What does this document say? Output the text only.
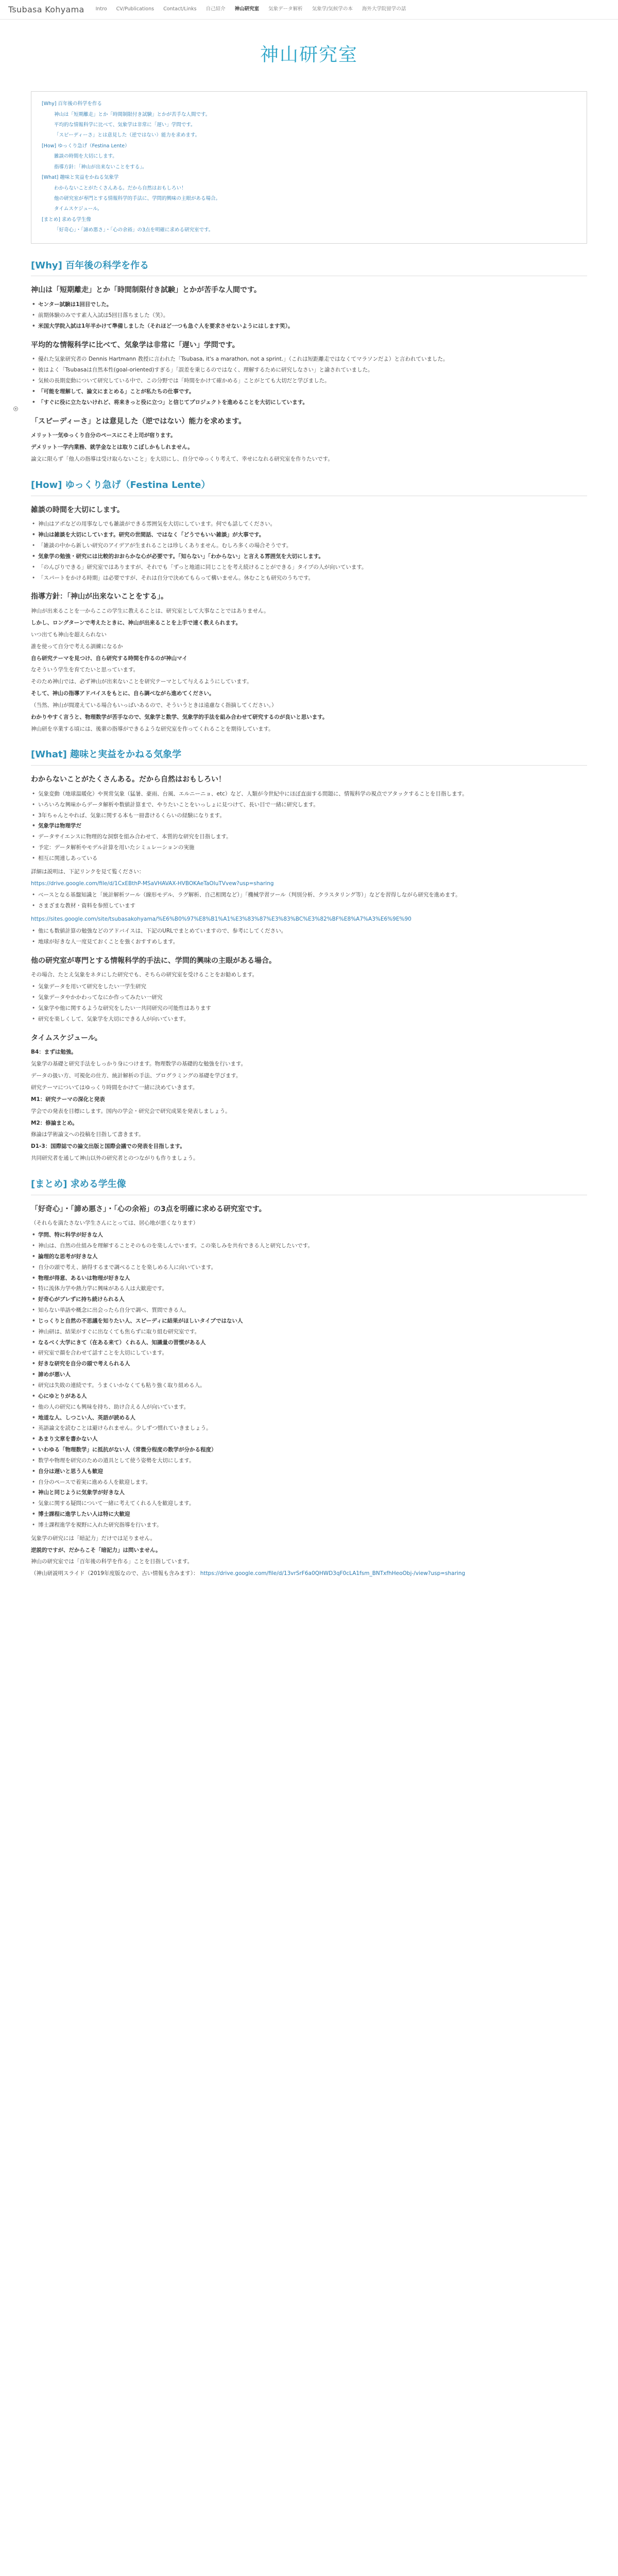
Tsubasa Kohyama Intro CV/Publications Contact/Links 自己紹介 神山研究室 気象データ解析 気象学/気候学の本 海外大学院留学の話
神山研究室
[Why] 百年後の科学を作る
神山は「短期離走」とか「時間制限付き試験」とかが苦手な人間です。
平均的な情報科学に比べて、気象学は非常に「遅い」学問です。
「スピーディーさ」とは意見した（逆ではない）能力を求めます。
[How] ゆっくり急げ（Festina Lente）
雑談の時間を大切にします。
指導方針：「神山が出来ないことをする」。
[What] 趣味と実益をかねる気象学
わからないことがたくさんある。だから自然はおもしろい！
他の研究室が専門とする情報科学的手法に、学問的興味の主眼がある場合。
タイムスケジュール。
[まとめ] 求める学生像
「好奇心」・「諦め悪さ」・「心の余裕」の3点を明確に求める研究室です。
[Why] 百年後の科学を作る
神山は「短期離走」とか「時間制限付き試験」とかが苦手な人間です。
• センター試験は1回目でした。
• 前期体験のみです素人入試は5回目落ちました（笑）。
• 米国大学院入試は1年半かけて準備しました（それほど一つも急ぐ人を要求させないようにはします笑）。
平均的な情報科学に比べて、気象学は非常に「遅い」学問です。
• 優れた気象研究者の Dennis Hartmann 教授に言われた「Tsubasa, it's a marathon, not a sprint.」（これは短距離走ではなくてマラソンだよ）と言われていました。
• 彼はよく「Tsubasaは自然本性(goal-oriented)すぎる」「誤差を乗じるのではなく、理解するために研究しなさい」と諭されていました。
• 気候の長期変動について研究している中で、この分野では「時間をかけて確かめる」ことがとても大切だと学びました。
• 「可能を理解して、論文にまとめる」ことが私たちの仕事です。
• 「すぐに役に立たないけれど、将来きっと役に立つ」と信じてプロジェクトを進めることを大切にしています。
「スピーディーさ」とは意見した（逆ではない）能力を求めます。

メリット一気ゆっくり自分のペースにこそ上司が宿ります。

デメリット一学内業務、就学金なとは取りこぼしかもしれません。

論文に限らず「他人の指導は受け取らないこと」を大切にし、自分でゆっくり考えて、幸せになれる研究室を作りたいです。

[How] ゆっくり急げ（Festina Lente）
雑談の時間を大切にします。
• 神山はアポなどの用事なしでも雑談ができる雰囲気を大切にしています。何でも話してください。
• 神山は雑談を大切にしています。研究の世間話、ではなく「どうでもいい雑談」が大事です。
• 「雑談の中から新しい研究のアイデアが生まれることは珍しくありません。むしろ多くの場合そうです。
• 気象学の勉強・研究には比較的おおらかな心が必要です。「知らない」「わからない」と言える雰囲気を大切にします。
• 「のんびりできる」研究室ではありますが、それでも「ずっと地道に同じことを考え続けることができる」タイプの人が向いています。
• 「スパートをかける時期」は必要ですが、それは自分で決めてもらって構いません。休むことも研究のうちです。
指導方針：「神山が出来ないことをする」。

神山が出来ることを一からここの学生に教えることは、研究室として大事なことではありません。

しかし、ロングターンで考えたときに、神山が出来ることを上手で速く教えられます。

いつ出ても神山を超えられない

誰を使って自分で考える訓練になるか

自ら研究テーマを見つけ、自ら研究する時間を作るのが神山マイ

なそういう学生を育てたいと思っています。

そのため神山では、必ず神山が出来ないことを研究テーマとして与えるようにしています。

そして、神山の指導アドバイスをもとに、自ら調べながら進めてください。

（当然、神山が間違えている場合もいっぱいあるので、そういうときは遠慮なく指摘してください。）

わかりやすく言うと、物理数学が苦手なので、気象学と数学、気象学的手法を組み合わせて研究するのが良いと思います。

神山研を卒業する頃には、後輩の指導ができるような研究室を作ってくれることを期待しています。

[What] 趣味と実益をかねる気象学
わからないことがたくさんある。だから自然はおもしろい！
• 気象変動（地球温暖化）や異常気象（猛暑、豪雨、台風、エルニーニョ、etc）など、人類が今世紀中にほぼ直面する問題に、情報科学の視点でアタックすることを目指します。
• いろいろな興味からデータ解析や数値計算まで、やりたいことをいっしょに見つけて、長い目で一緒に研究します。
• 3年ちゃんとやれば、気象に関する本も一冊書けるくらいの経験になります。
• 気象学は物理学だ
• データサイエンスに物理的な洞察を組み合わせて、本質的な研究を目指します。
• 予定：データ解析やモデル計算を用いたシミュレーションの実施
• 相互に関連しあっている

詳細は説明は、下記リンクを見て覧ください：

https://drive.google.com/file/d/1CxEBthP-MSaVHAVAX-HVBOKAeTaOIuTVvew?usp=sharing

• ベースとなる基盤知識と「統計解析ツール（線形モデル、ラグ解析、自己相関など）」「機械学習ツール（判別分析、クラスタリング等）」などを習得しながら研究を進めます。
• さまざまな教材・資料を参照しています

https://sites.google.com/site/tsubasakohyama/%E6%B0%97%E8%B1%A1%E3%83%87%E3%83%BC%E3%82%BF%E8%A7%A3%E6%9E%90

• 他にも数値計算の勉強などのアドバイスは、下記のURLでまとめていますので、参考にしてください。
• 地球が好きな人一度見ておくことを強くおすすめします。
他の研究室が専門とする情報科学的手法に、学問的興味の主眼がある場合。

その場合、たとえ気象をネタにした研究でも、そちらの研究室を受けることをお勧めします。

• 気象データを用いて研究をしたい一学生研究
• 気象データやかかわってなにか作ってみたい一研究
• 気象学や他に関するような研究をしたい一共同研究の可能性はあります
• 研究を楽しくして、気象学を大切にできる人が向いています。
タイムスケジュール。

B4：まずは勉強。

気象学の基礎と研究手法をしっかり身につけます。物理数学の基礎的な勉強を行います。

データの扱い方、可視化の仕方、統計解析の手法、プログラミングの基礎を学びます。

研究テーマについてはゆっくり時間をかけて一緒に決めていきます。

M1：研究テーマの深化と発表

学会での発表を目標にします。国内の学会・研究会で研究成果を発表しましょう。

M2：修論まとめ。

修論は学術論文への投稿を目指して書きます。

D1-3：国際誌での論文出版と国際会議での発表を目指します。

共同研究者を通して神山以外の研究者とのつながりも作りましょう。

[まとめ] 求める学生像
「好奇心」・「諦め悪さ」・「心の余裕」の3点を明確に求める研究室です。

（それらを満たさない学生さんにとっては、居心地が悪くなります）

• 学問、特に科学が好きな人
• 神山は、自然の仕組みを理解することそのものを楽しんでいます。この楽しみを共有できる人と研究したいです。
• 論理的な思考が好きな人
• 自分の頭で考え、納得するまで調べることを楽しめる人に向いています。
• 物理が得意、あるいは物理が好きな人
• 特に流体力学や熱力学に興味がある人は大歓迎です。
• 好奇心がブレずに持ち続けられる人
• 知らない単語や概念に出会ったら自分で調べ、質問できる人。
• じっくりと自然の不思議を知りたい人、スピーディに結果がほしいタイプではない人
• 神山研は、結果がすぐに出なくても焦らずに取り組む研究室です。
• なるべく大学にきて（在ある来て）くれる人、知識量の習慣がある人
• 研究室で顔を合わせて話すことを大切にしています。
• 好きな研究を自分の頭で考えられる人
• 諦めが悪い人
• 研究は失敗の連続です。うまくいかなくても粘り強く取り組める人。
• 心にゆとりがある人
• 他の人の研究にも興味を持ち、助け合える人が向いています。
• 地道な人、しつこい人、英語が読める人
• 英語論文を読むことは避けられません。少しずつ慣れていきましょう。
• あまり文章を書かない人
• いわゆる「物理数学」に抵抗がない人（常微分程度の数学が分かる程度）
• 数学や物理を研究のための道具として使う姿勢を大切にします。
• 自分は遅いと思う人も歓迎
• 自分のペースで着実に進める人を歓迎します。
• 神山と同じように気象学が好きな人
• 気象に関する疑問について一緒に考えてくれる人を歓迎します。
• 博士課程に進学したい人は特に大歓迎
• 博士課程進学を視野に入れた研究指導を行います。

気象学の研究には「暗記力」だけでは足りません。

逆説的ですが、だからこそ「暗記力」は問いません。

神山の研究室では「百年後の科学を作る」ことを目指しています。

（神山研説明スライド（2019年度版なので、古い情報も含みます）： https://drive.google.com/file/d/13vrSrF6a0QHWD3qF0cLA1fsm_BNTxfhHeoObj-/view?usp=sharing
